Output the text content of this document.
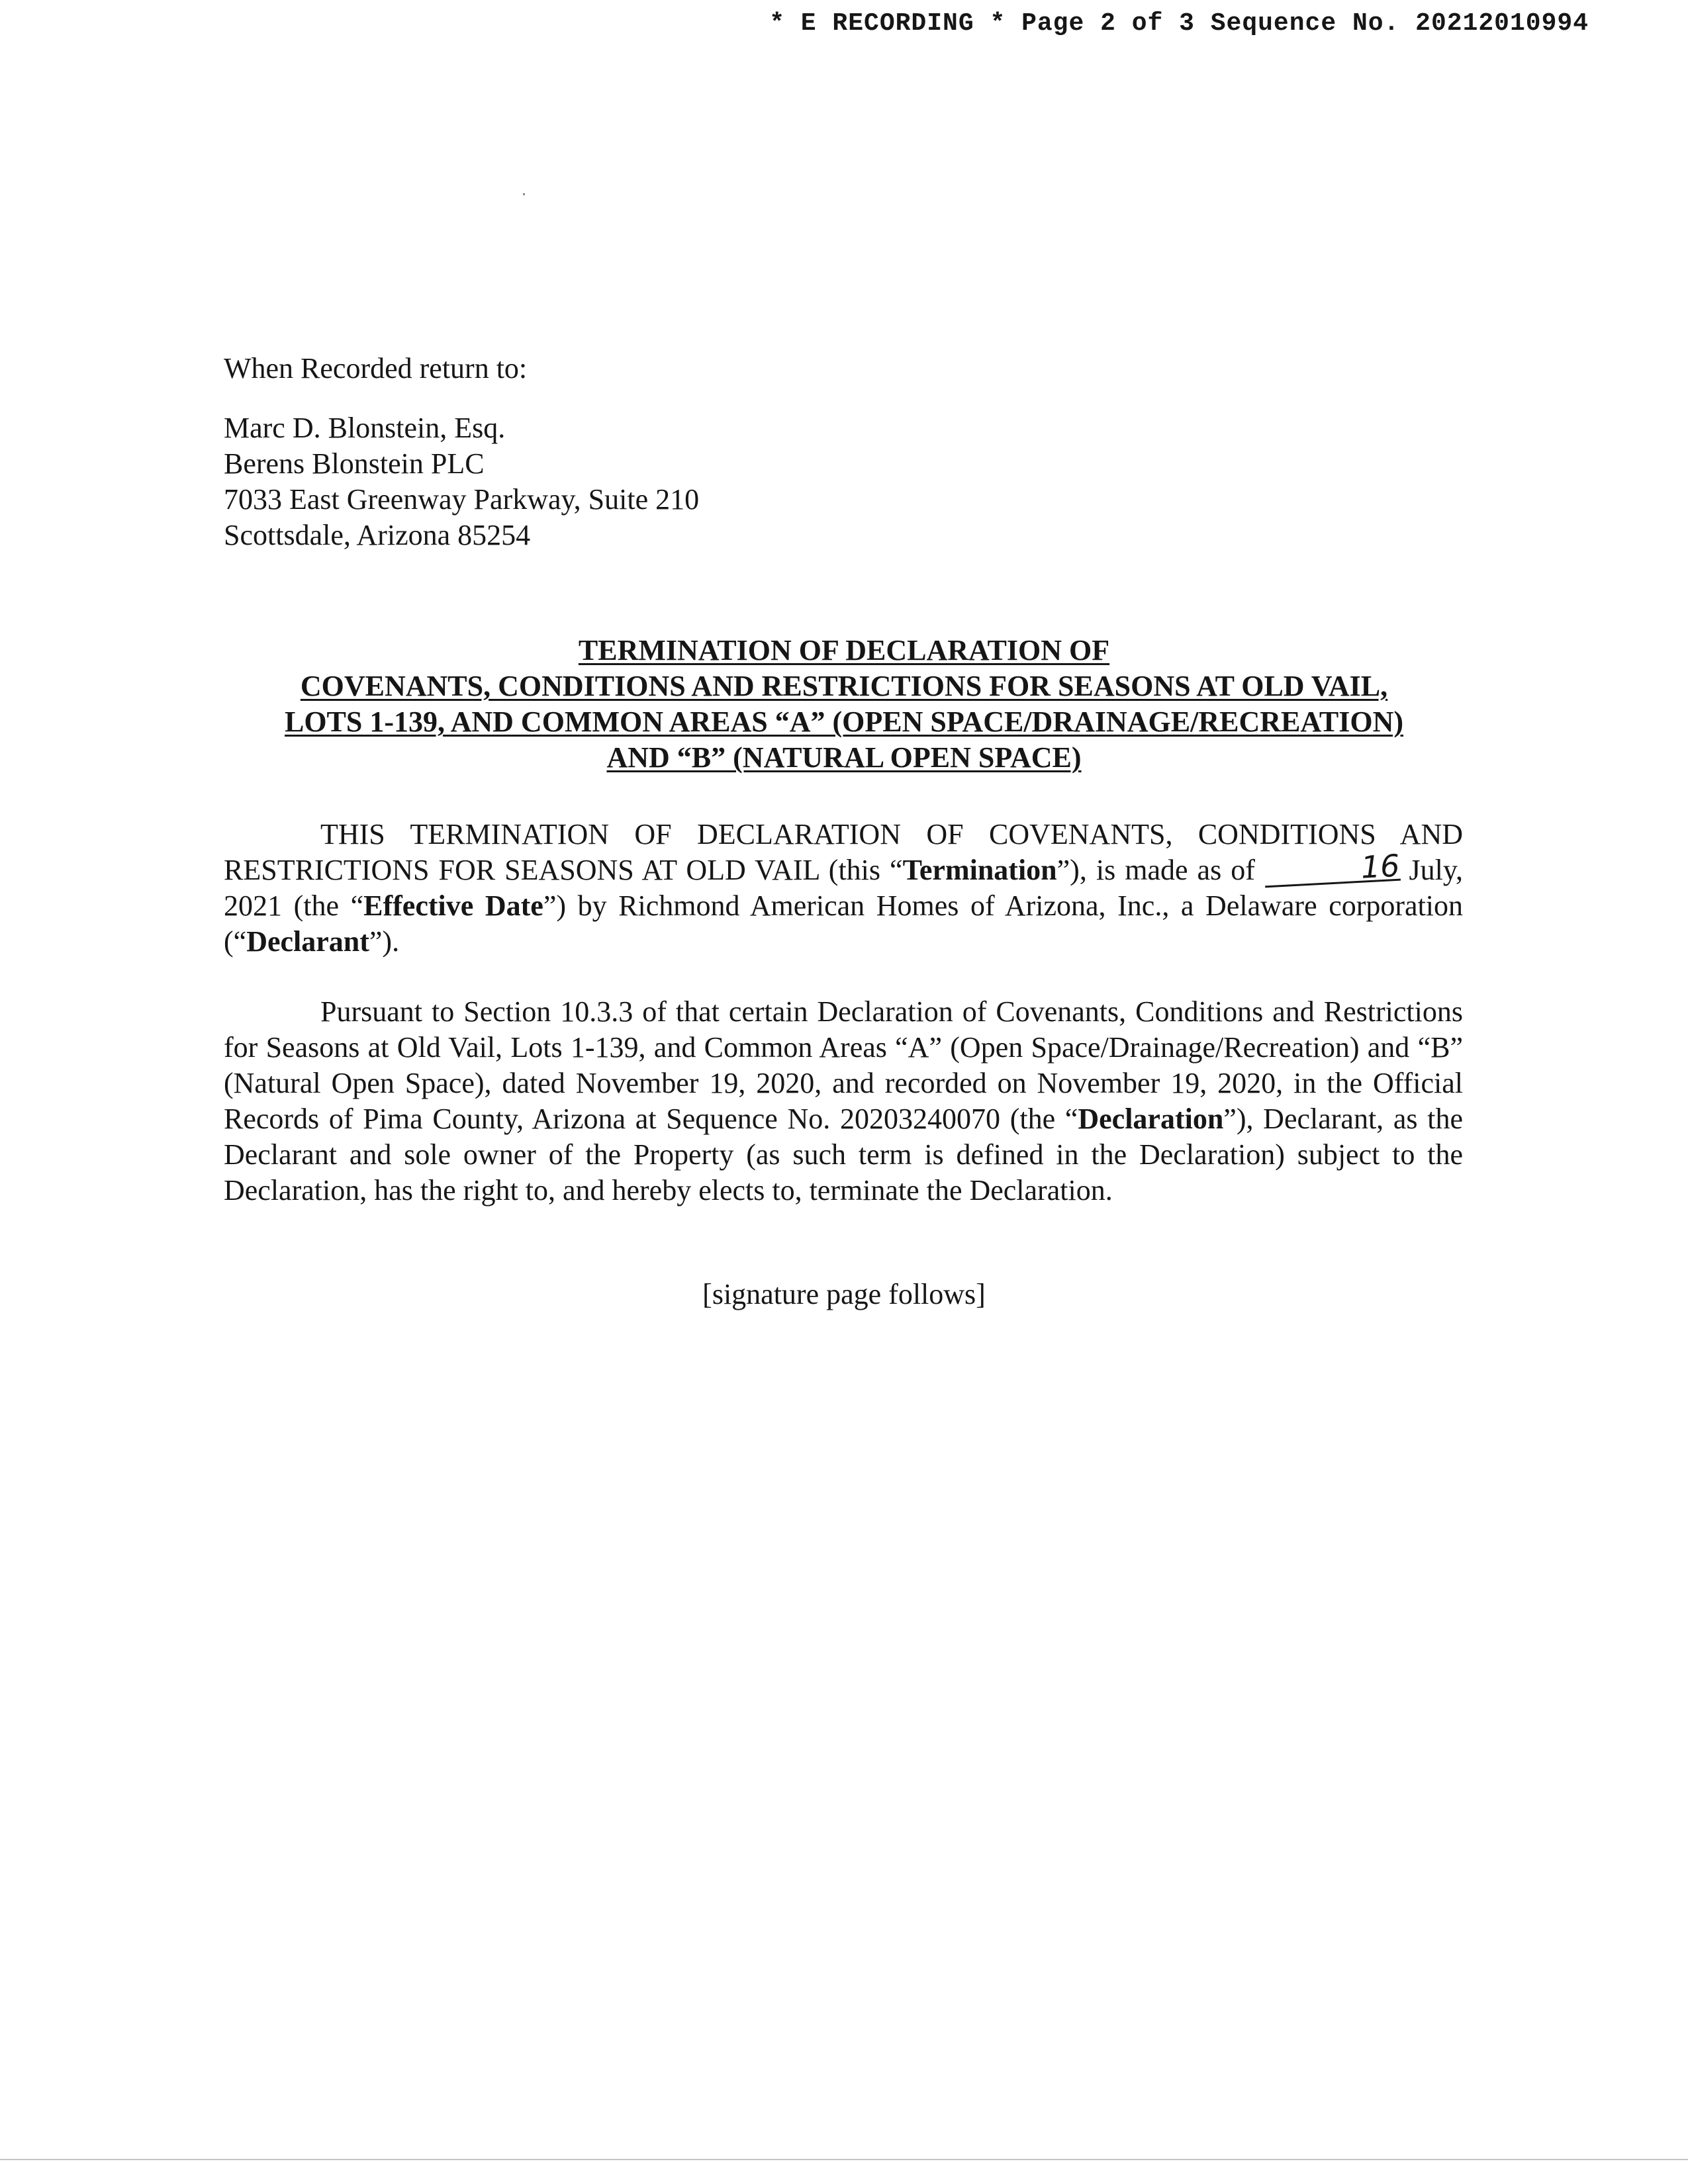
* E RECORDING * Page 2 of 3 Sequence No. 20212010994
When Recorded return to:
Marc D. Blonstein, Esq.
Berens Blonstein PLC
7033 East Greenway Parkway, Suite 210
Scottsdale, Arizona 85254
TERMINATION OF DECLARATION OF
COVENANTS, CONDITIONS AND RESTRICTIONS FOR SEASONS AT OLD VAIL,
LOTS 1-139, AND COMMON AREAS “A” (OPEN SPACE/DRAINAGE/RECREATION)
AND “B” (NATURAL OPEN SPACE)

THIS TERMINATION OF DECLARATION OF COVENANTS, CONDITIONS AND RESTRICTIONS FOR SEASONS AT OLD VAIL (this “Termination”), is made as of	16 July, 2021 (the “Effective Date”) by Richmond American Homes of Arizona, Inc., a Delaware corporation (“Declarant”).

Pursuant to Section 10.3.3 of that certain Declaration of Covenants, Conditions and Restrictions for Seasons at Old Vail, Lots 1-139, and Common Areas “A” (Open Space/Drainage/Recreation) and “B” (Natural Open Space), dated November 19, 2020, and recorded on November 19, 2020, in the Official Records of Pima County, Arizona at Sequence No. 20203240070 (the “Declaration”), Declarant, as the Declarant and sole owner of the Property (as such term is defined in the Declaration) subject to the Declaration, has the right to, and hereby elects to, terminate the Declaration.

[signature page follows]
